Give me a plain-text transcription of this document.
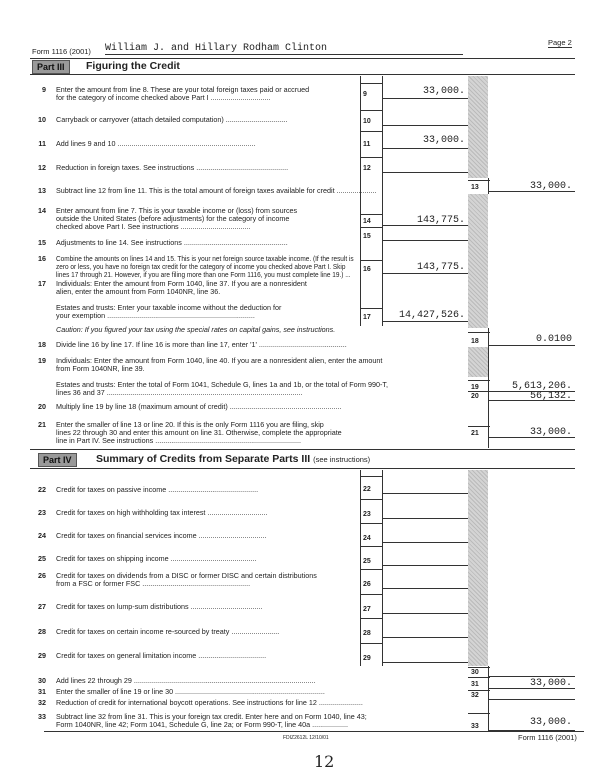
Form 1116 (2001) William J. and Hillary Rodham Clinton
Page 2
Part III	Figuring the Credit
Part IV	Summary of Credits from Separate Parts III (see instructions)
9 Enter the amount from line 8. These are your total foreign taxes paid or accrued
for the category of income checked above Part I ..............................	9	33,000.
10 Carryback or carryover (attach detailed computation) ...............................	10
11 Add lines 9 and 10 .....................................................................	11	33,000.
12 Reduction in foreign taxes. See instructions ..............................................	12
13 Subtract line 12 from line 11. This is the total amount of foreign taxes available for credit ....................	13	33,000.
14 Enter amount from line 7. This is your taxable income or (loss) from sources
outside the United States (before adjustments) for the category of income
checked above Part I. See instructions ...................................
14	143,775.
15 Adjustments to line 14. See instructions ....................................................
15
16 Combine the amounts on lines 14 and 15. This is your net foreign source taxable income. (If the result is
zero or less, you have no foreign tax credit for the category of income you checked above Part I. Skip
lines 17 through 21. However, if you are filing more than one Form 1116, you must complete line 19.) ...
16	143,775.
17 Individuals: Enter the amount from Form 1040, line 37. If you are a nonresident
alien, enter the amount from Form 1040NR, line 36.

Estates and trusts: Enter your taxable income without the deduction for
your exemption ..........................................................................	17	14,427,526.
Caution: If you figured your tax using the special rates on capital gains, see instructions.
18 Divide line 16 by line 17. If line 16 is more than line 17, enter '1' ............................................	18	0.0100
19 Individuals: Enter the amount from Form 1040, line 40. If you are a nonresident alien, enter the amount
from Form 1040NR, line 39.

Estates and trusts: Enter the total of Form 1041, Schedule G, lines 1a and 1b, or the total of Form 990-T,
lines 36 and 37 ..................................................................................................
19	5,613,206.
20 Multiply line 19 by line 18 (maximum amount of credit) ........................................................
20	56,132.
21 Enter the smaller of line 13 or line 20. If this is the only Form 1116 you are filing, skip
lines 22 through 30 and enter this amount on line 31. Otherwise, complete the appropriate
line in Part IV. See instructions .........................................................................
21	33,000.
22 Credit for taxes on passive income .............................................	22
23 Credit for taxes on high withholding tax interest ..............................	23
24 Credit for taxes on financial services income ..................................	24
25 Credit for taxes on shipping income ...........................................	25
26 Credit for taxes on dividends from a DISC or former DISC and certain distributions
from a FSC or former FSC ......................................................	26
27 Credit for taxes on lump-sum distributions ....................................	27
28 Credit for taxes on certain income re-sourced by treaty ........................	28
29 Credit for taxes on general limitation income ..................................	29
30 Add lines 22 through 29 ...........................................................................................
30
31 Enter the smaller of line 19 or line 30 ...........................................................................
31	33,000.
32 Reduction of credit for international boycott operations. See instructions for line 12 ......................
32
33 Subtract line 32 from line 31. This is your foreign tax credit. Enter here and on Form 1040, line 43;
Form 1040NR, line 42; Form 1041, Schedule G, line 2a; or Form 990-T, line 40a ..................	33	33,000.
FDIZ2612L 12/10/01	Form 1116 (2001)
12
